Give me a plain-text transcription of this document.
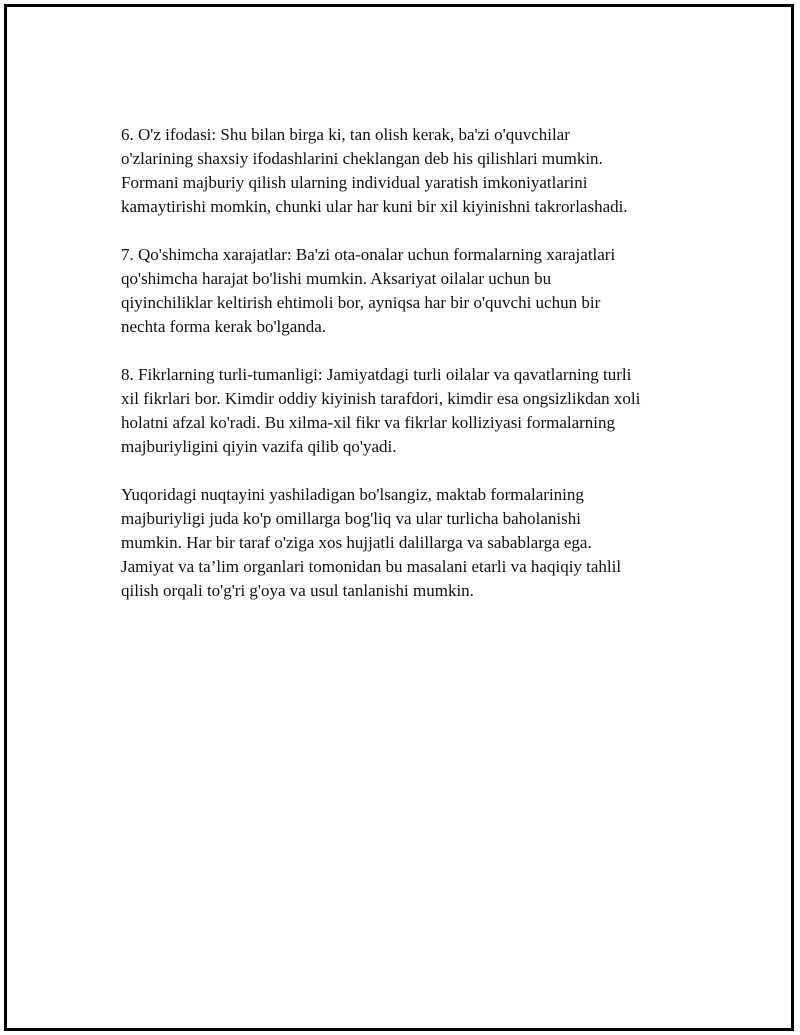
6. O'z ifodasi: Shu bilan birga ki, tan olish kerak, ba'zi o'quvchilar
o'zlarining shaxsiy ifodashlarini cheklangan deb his qilishlari mumkin.
Formani majburiy qilish ularning individual yaratish imkoniyatlarini
kamaytirishi momkin, chunki ular har kuni bir xil kiyinishni takrorlashadi.

7. Qo'shimcha xarajatlar: Ba'zi ota-onalar uchun formalarning xarajatlari
qo'shimcha harajat bo'lishi mumkin. Aksariyat oilalar uchun bu
qiyinchiliklar keltirish ehtimoli bor, ayniqsa har bir o'quvchi uchun bir
nechta forma kerak bo'lganda.

8. Fikrlarning turli-tumanligi: Jamiyatdagi turli oilalar va qavatlarning turli
xil fikrlari bor. Kimdir oddiy kiyinish tarafdori, kimdir esa ongsizlikdan xoli
holatni afzal ko'radi. Bu xilma-xil fikr va fikrlar kolliziyasi formalarning
majburiyligini qiyin vazifa qilib qo'yadi.

Yuqoridagi nuqtayini yashiladigan bo'lsangiz, maktab formalarining
majburiyligi juda ko'p omillarga bog'liq va ular turlicha baholanishi
mumkin. Har bir taraf o'ziga xos hujjatli dalillarga va sabablarga ega.
Jamiyat va ta’lim organlari tomonidan bu masalani etarli va haqiqiy tahlil
qilish orqali to'g'ri g'oya va usul tanlanishi mumkin.
